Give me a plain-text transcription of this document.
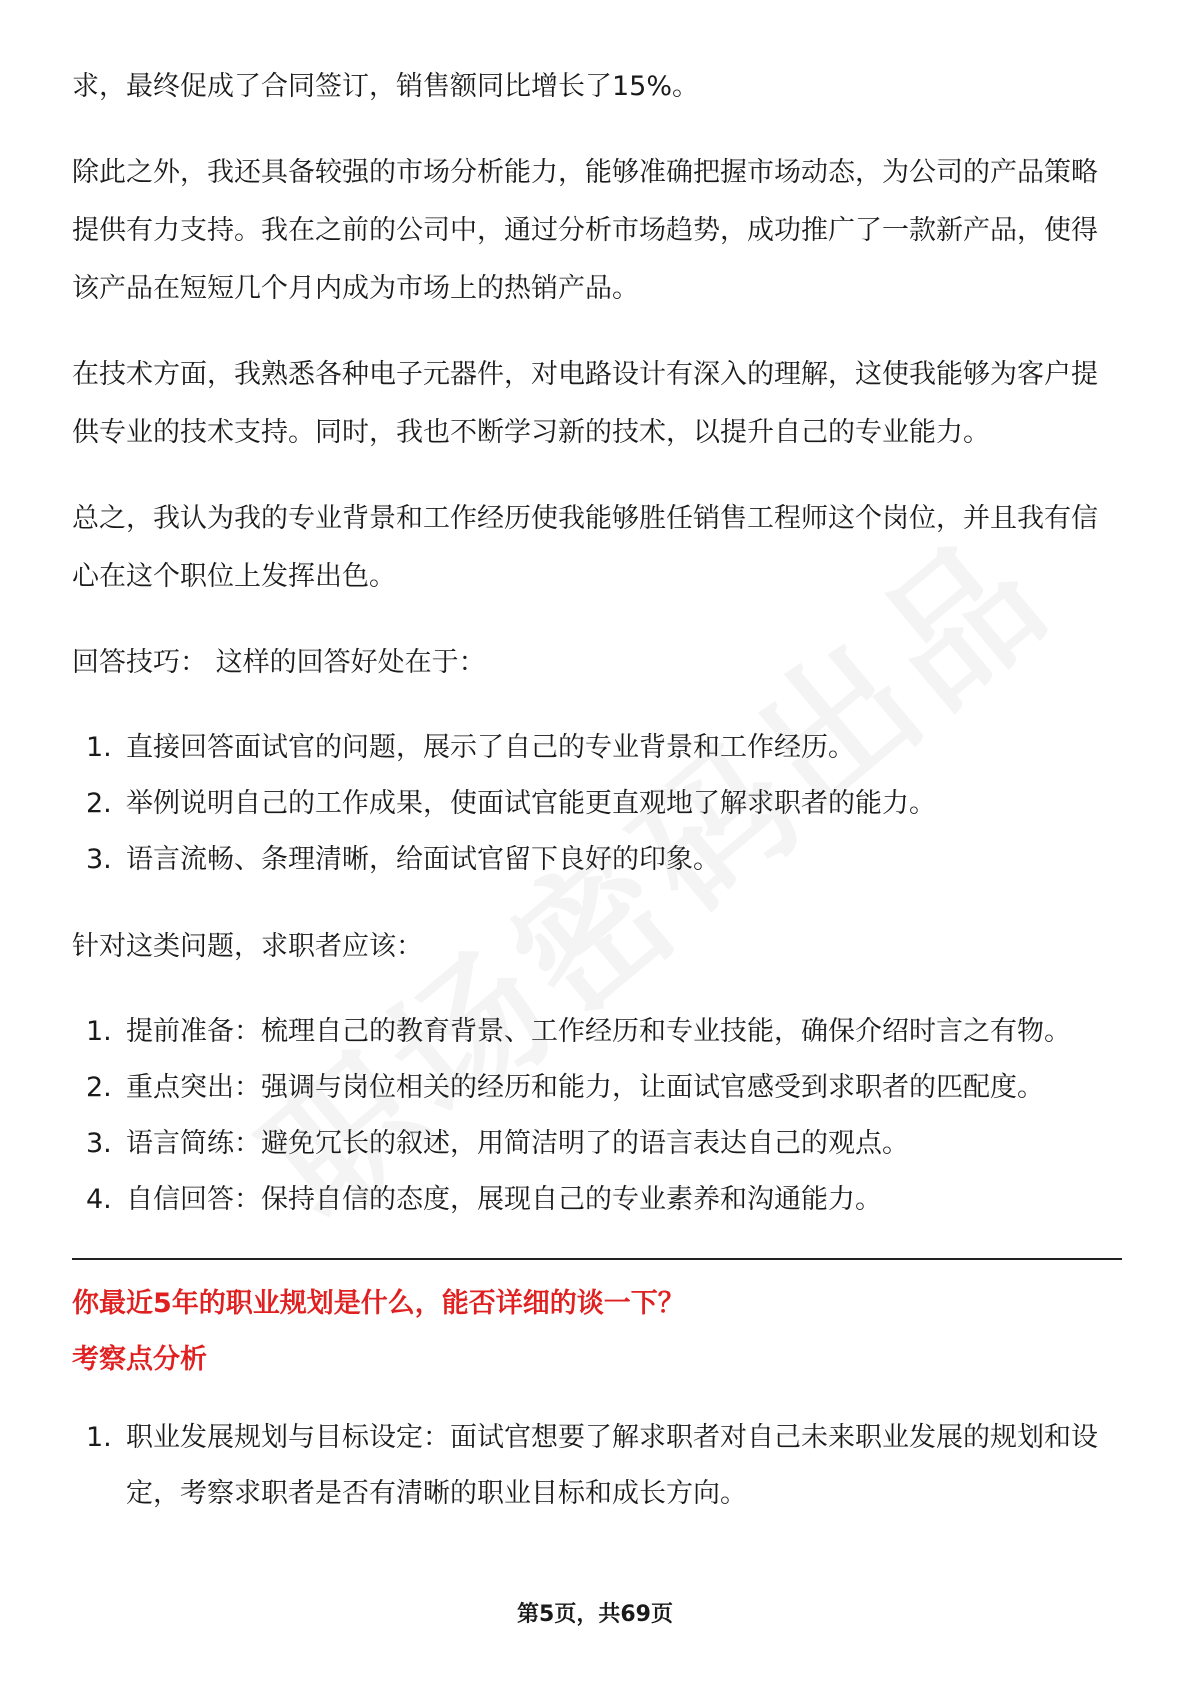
求，最终促成了合同签订，销售额同比增长了15%。

除此之外，我还具备较强的市场分析能力，能够准确把握市场动态，为公司的产品策略提供有力支持。我在之前的公司中，通过分析市场趋势，成功推广了一款新产品，使得该产品在短短几个月内成为市场上的热销产品。

在技术方面，我熟悉各种电子元器件，对电路设计有深入的理解，这使我能够为客户提供专业的技术支持。同时，我也不断学习新的技术，以提升自己的专业能力。

总之，我认为我的专业背景和工作经历使我能够胜任销售工程师这个岗位，并且我有信心在这个职位上发挥出色。

回答技巧： 这样的回答好处在于：

1. 直接回答面试官的问题，展示了自己的专业背景和工作经历。
2. 举例说明自己的工作成果，使面试官能更直观地了解求职者的能力。
3. 语言流畅、条理清晰，给面试官留下良好的印象。

针对这类问题，求职者应该：

1. 提前准备：梳理自己的教育背景、工作经历和专业技能，确保介绍时言之有物。
2. 重点突出：强调与岗位相关的经历和能力，让面试官感受到求职者的匹配度。
3. 语言简练：避免冗长的叙述，用简洁明了的语言表达自己的观点。
4. 自信回答：保持自信的态度，展现自己的专业素养和沟通能力。

你最近5年的职业规划是什么，能否详细的谈一下？

考察点分析

1. 职业发展规划与目标设定：面试官想要了解求职者对自己未来职业发展的规划和设定，考察求职者是否有清晰的职业目标和成长方向。
第5页，共69页
